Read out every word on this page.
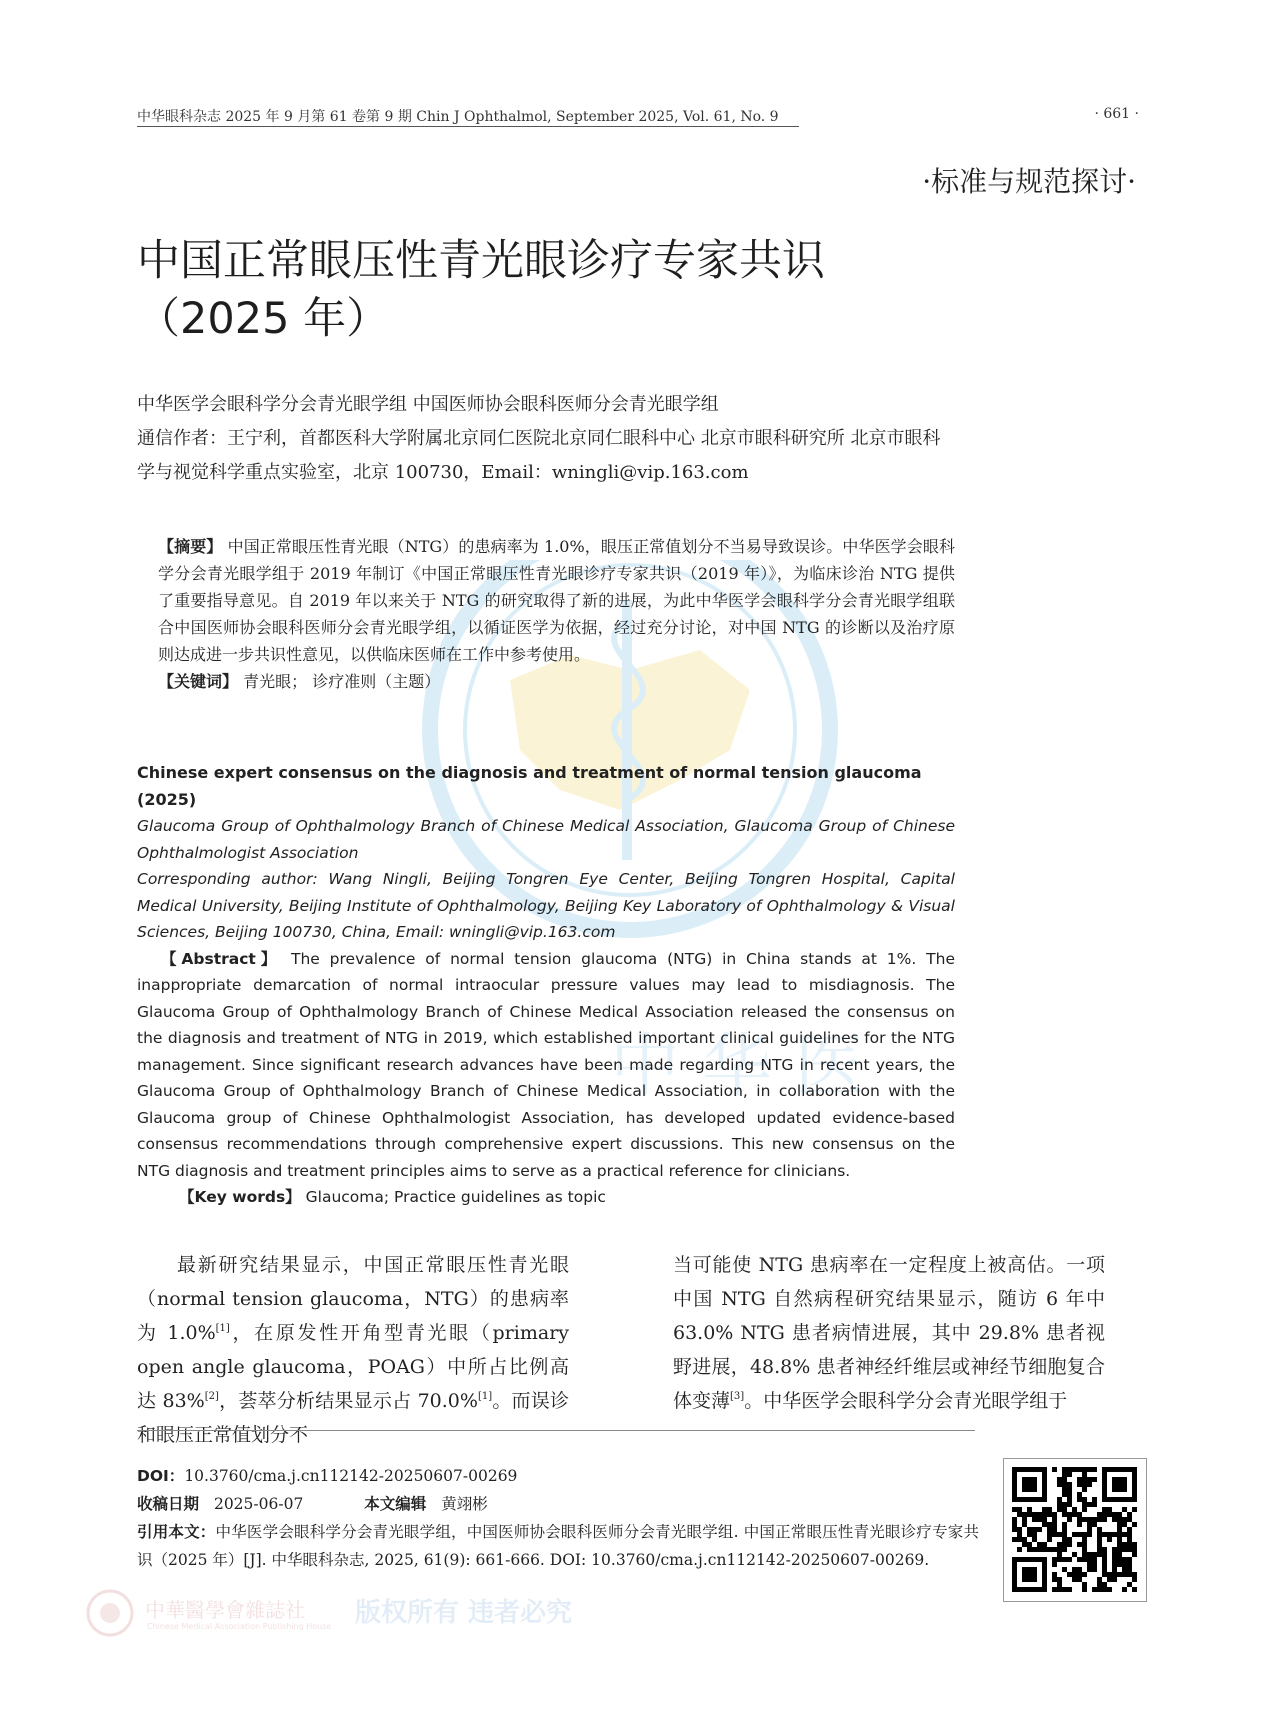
中 华 医
中华眼科杂志 2025 年 9 月第 61 卷第 9 期 Chin J Ophthalmol, September 2025, Vol. 61, No. 9	· 661 ·
·标准与规范探讨·
中国正常眼压性青光眼诊疗专家共识
（2025 年）
中华医学会眼科学分会青光眼学组 中国医师协会眼科医师分会青光眼学组
通信作者：王宁利，首都医科大学附属北京同仁医院北京同仁眼科中心 北京市眼科研究所 北京市眼科学与视觉科学重点实验室，北京 100730，Email：wningli@vip.163.com
【摘要】 中国正常眼压性青光眼（NTG）的患病率为 1.0%，眼压正常值划分不当易导致误诊。中华医学会眼科学分会青光眼学组于 2019 年制订《中国正常眼压性青光眼诊疗专家共识（2019 年）》，为临床诊治 NTG 提供了重要指导意见。自 2019 年以来关于 NTG 的研究取得了新的进展，为此中华医学会眼科学分会青光眼学组联合中国医师协会眼科医师分会青光眼学组，以循证医学为依据，经过充分讨论，对中国 NTG 的诊断以及治疗原则达成进一步共识性意见，以供临床医师在工作中参考使用。
【关键词】 青光眼； 诊疗准则（主题）
Chinese expert consensus on the diagnosis and treatment of normal tension glaucoma (2025)
Glaucoma Group of Ophthalmology Branch of Chinese Medical Association, Glaucoma Group of Chinese Ophthalmologist Association
Corresponding author: Wang Ningli, Beijing Tongren Eye Center, Beijing Tongren Hospital, Capital Medical University, Beijing Institute of Ophthalmology, Beijing Key Laboratory of Ophthalmology & Visual Sciences, Beijing 100730, China, Email: wningli@vip.163.com
【Abstract】 The prevalence of normal tension glaucoma (NTG) in China stands at 1%. The inappropriate demarcation of normal intraocular pressure values may lead to misdiagnosis. The Glaucoma Group of Ophthalmology Branch of Chinese Medical Association released the consensus on the diagnosis and treatment of NTG in 2019, which established important clinical guidelines for the NTG management. Since significant research advances have been made regarding NTG in recent years, the Glaucoma Group of Ophthalmology Branch of Chinese Medical Association, in collaboration with the Glaucoma group of Chinese Ophthalmologist Association, has developed updated evidence-based consensus recommendations through comprehensive expert discussions. This new consensus on the NTG diagnosis and treatment principles aims to serve as a practical reference for clinicians.
【Key words】 Glaucoma; Practice guidelines as topic
最新研究结果显示，中国正常眼压性青光眼（normal tension glaucoma，NTG）的患病率为 1.0%[1]，在原发性开角型青光眼（primary open angle glaucoma，POAG）中所占比例高达 83%[2]，荟萃分析结果显示占 70.0%[1]。而误诊和眼压正常值划分不
当可能使 NTG 患病率在一定程度上被高估。一项中国 NTG 自然病程研究结果显示，随访 6 年中 63.0% NTG 患者病情进展，其中 29.8% 患者视野进展，48.8% 患者神经纤维层或神经节细胞复合体变薄[3]。中华医学会眼科学分会青光眼学组于
DOI：10.3760/cma.j.cn112142-20250607-00269
收稿日期 2025-06-07	本文编辑 黄翊彬
引用本文：中华医学会眼科学分会青光眼学组，中国医师协会眼科医师分会青光眼学组. 中国正常眼压性青光眼诊疗专家共识（2025 年）[J]. 中华眼科杂志, 2025, 61(9): 661-666. DOI: 10.3760/cma.j.cn112142-20250607-00269.
中華醫學會雜誌社
Chinese Medical Association Publishing House 版权所有 违者必究
